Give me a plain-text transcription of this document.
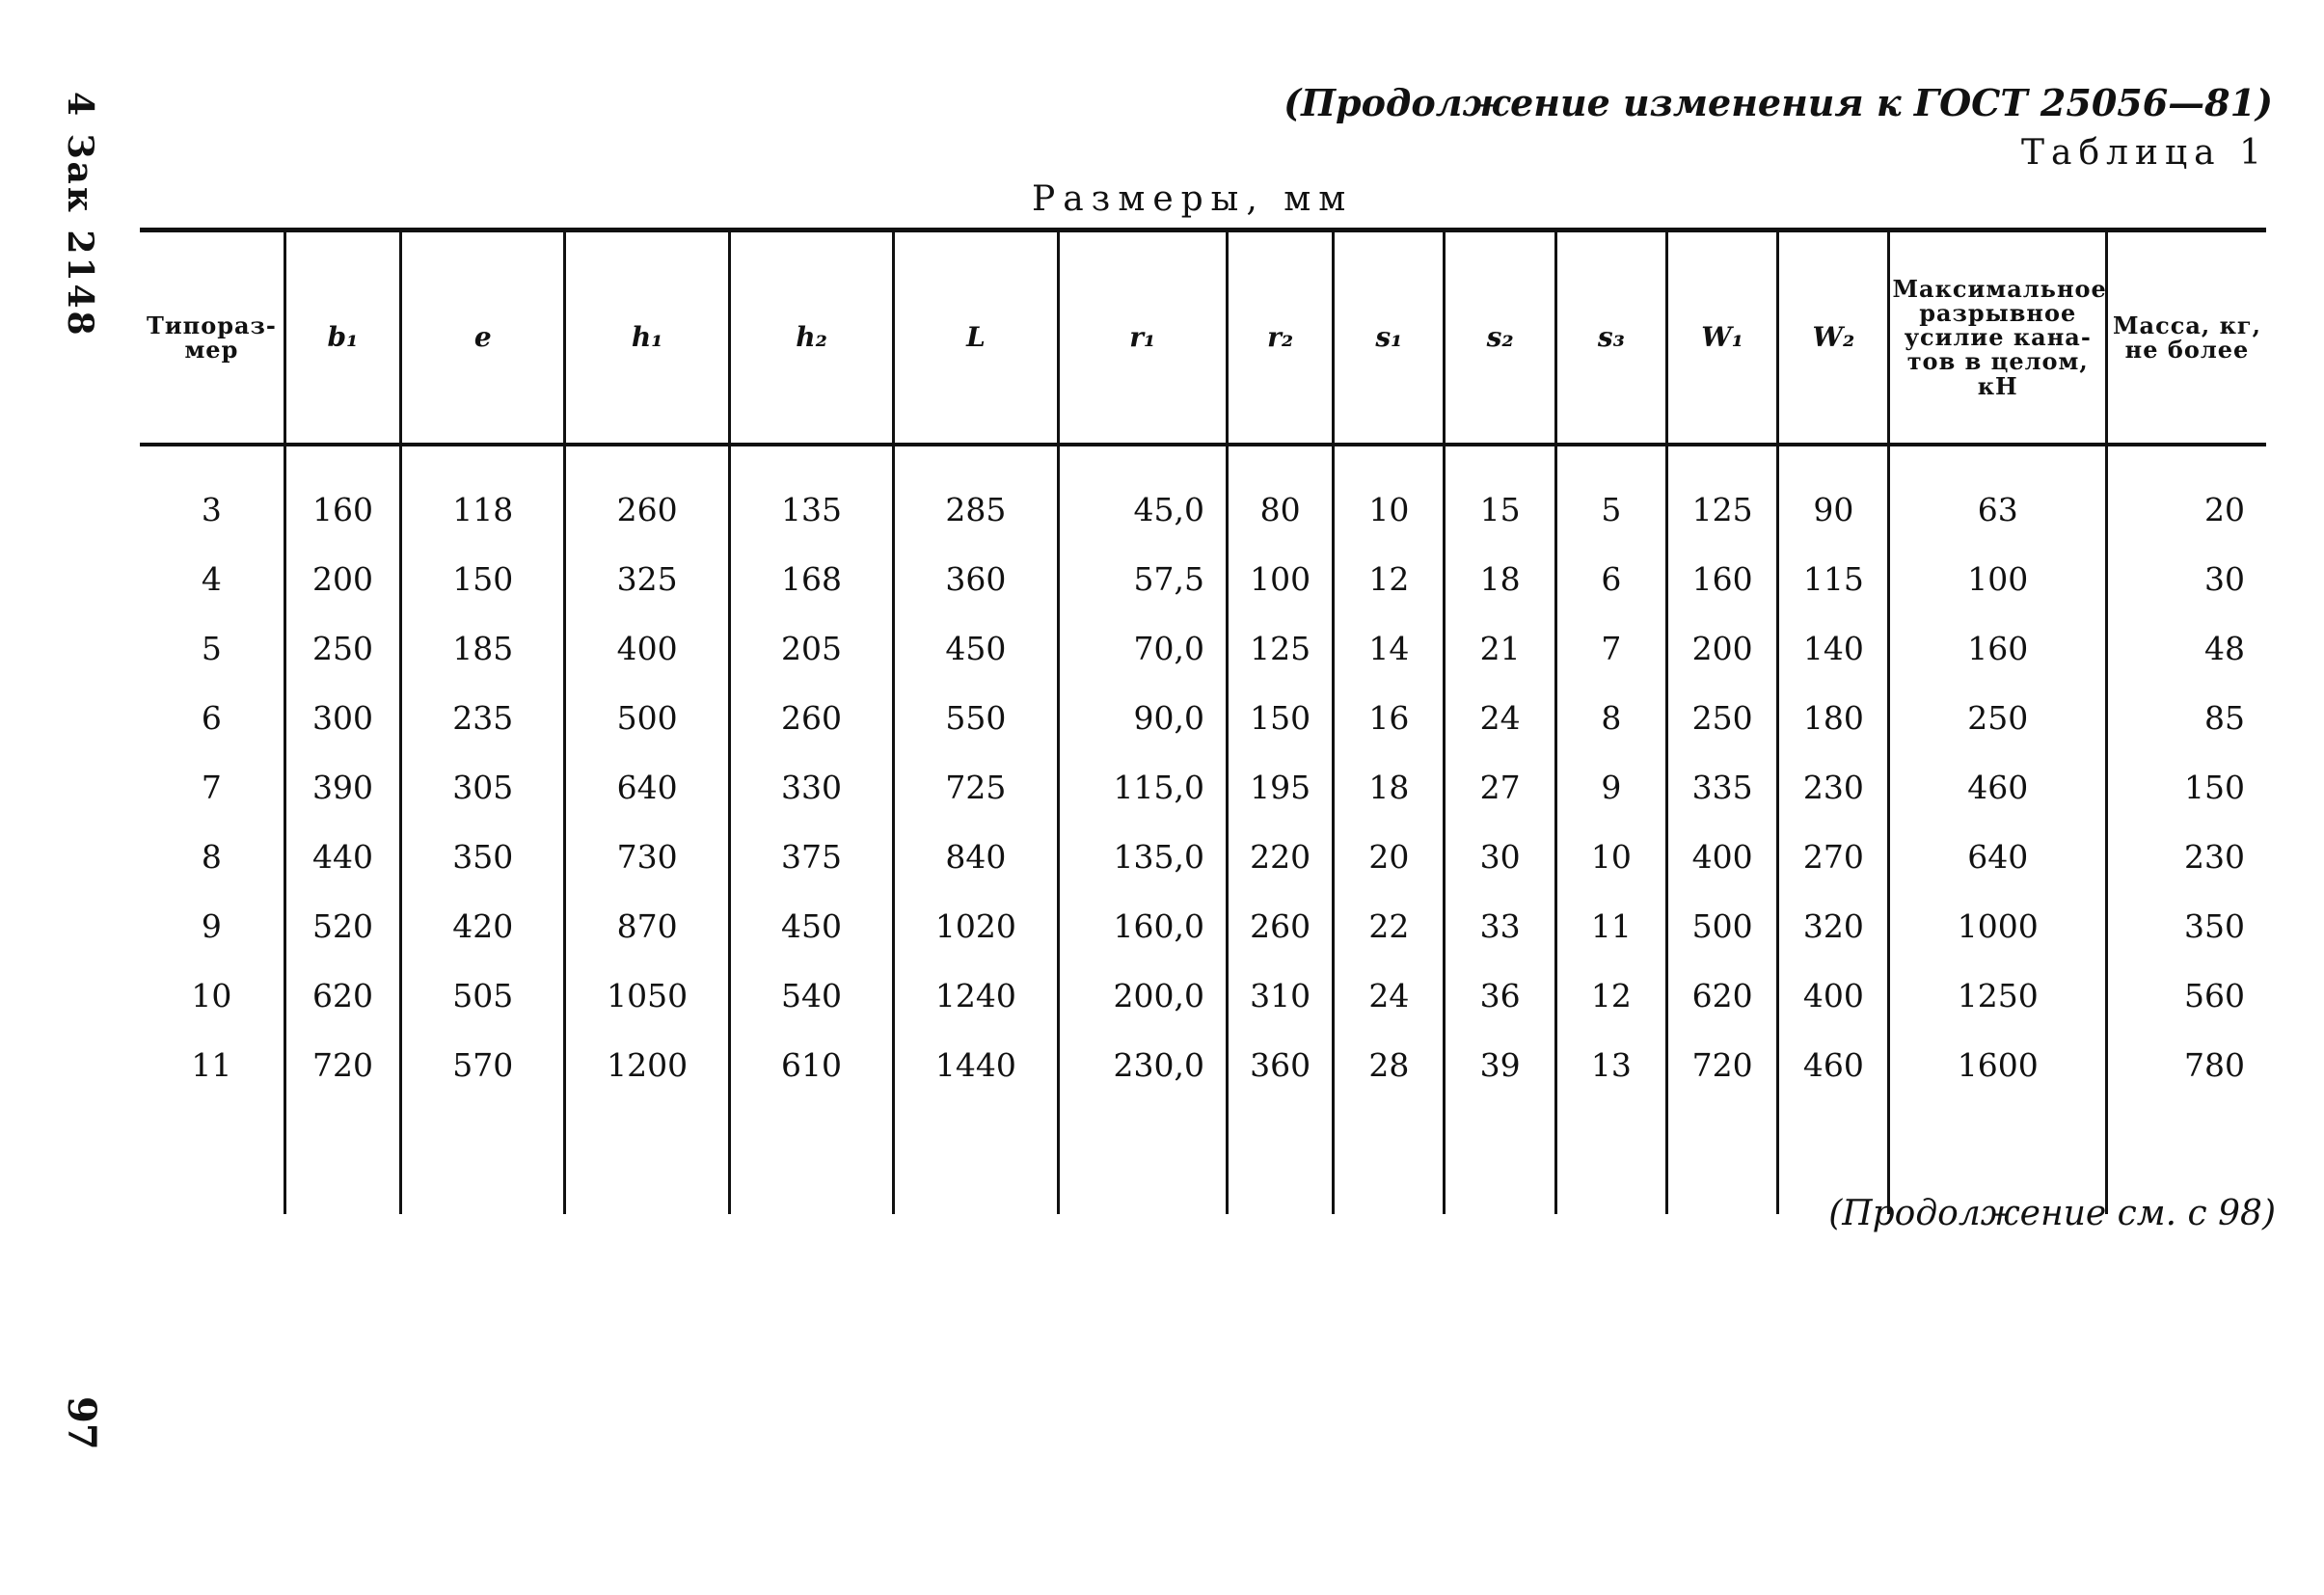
4 Зак 2148
97
(Продолжение изменения к ГОСТ 25056—81)
Таблица 1
Размеры, мм
Типораз-
мер	b₁	e	h₁	h₂	L	r₁	r₂	s₁	s₂	s₃	W₁	W₂	Максимальное разрывное усилие кана-тов в целом, кН	Масса, кг, не более
3	160	118	260	135	285	45,0	80	10	15	5	125	90	63	20
4	200	150	325	168	360	57,5	100	12	18	6	160	115	100	30
5	250	185	400	205	450	70,0	125	14	21	7	200	140	160	48
6	300	235	500	260	550	90,0	150	16	24	8	250	180	250	85
7	390	305	640	330	725	115,0	195	18	27	9	335	230	460	150
8	440	350	730	375	840	135,0	220	20	30	10	400	270	640	230
9	520	420	870	450	1020	160,0	260	22	33	11	500	320	1000	350
10	620	505	1050	540	1240	200,0	310	24	36	12	620	400	1250	560
11	720	570	1200	610	1440	230,0	360	28	39	13	720	460	1600	780

(Продолжение см. с 98)
